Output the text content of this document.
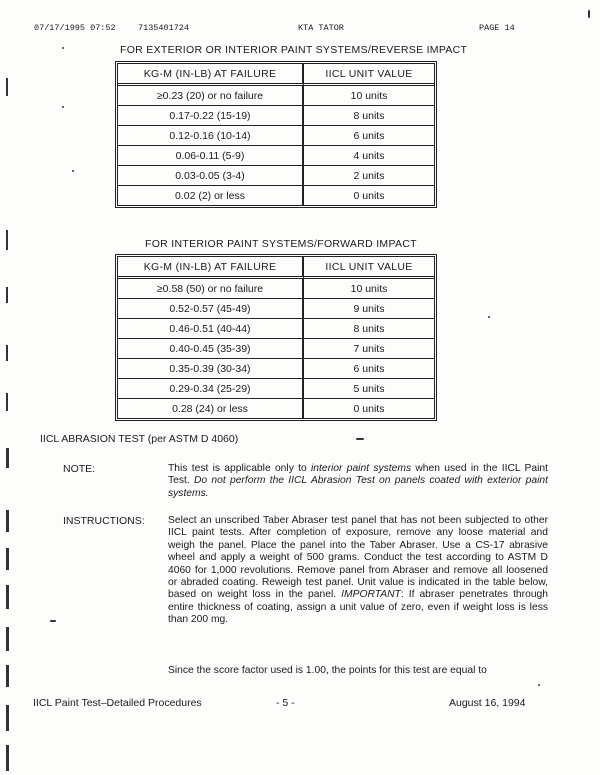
07/17/1995 07:52	7135401724	KTA TATOR	PAGE 14
FOR EXTERIOR OR INTERIOR PAINT SYSTEMS/REVERSE IMPACT
KG-M (IN-LB) AT FAILURE	IICL UNIT VALUE
≥0.23 (20) or no failure	10 units
0.17-0.22 (15-19)	8 units
0.12-0.16 (10-14)	6 units
0.06-0.11 (5-9)	4 units
0.03-0.05 (3-4)	2 units
0.02 (2) or less	0 units
FOR INTERIOR PAINT SYSTEMS/FORWARD IMPACT
KG-M (IN-LB) AT FAILURE	IICL UNIT VALUE
≥0.58 (50) or no failure	10 units
0.52-0.57 (45-49)	9 units
0.46-0.51 (40-44)	8 units
0.40-0.45 (35-39)	7 units
0.35-0.39 (30-34)	6 units
0.29-0.34 (25-29)	5 units
0.28 (24) or less	0 units
IICL ABRASION TEST (per ASTM D 4060)
NOTE:	This test is applicable only to interior paint systems when used in the IICL Paint Test. Do not perform the IICL Abrasion Test on panels coated with exterior paint systems.
INSTRUCTIONS: Select an unscribed Taber Abraser test panel that has not been subjected to other IICL paint tests. After completion of exposure, remove any loose material and weigh the panel. Place the panel into the Taber Abraser. Use a CS-17 abrasive wheel and apply a weight of 500 grams. Conduct the test according to ASTM D 4060 for 1,000 revolutions. Remove panel from Abraser and remove all loosened or abraded coating. Reweigh test panel. Unit value is indicated in the table below, based on weight loss in the panel. IMPORTANT: If abraser penetrates through entire thickness of coating, assign a unit value of zero, even if weight loss is less than 200 mg.
Since the score factor used is 1.00, the points for this test are equal to
IICL Paint Test–Detailed Procedures	- 5 -	August 16, 1994
